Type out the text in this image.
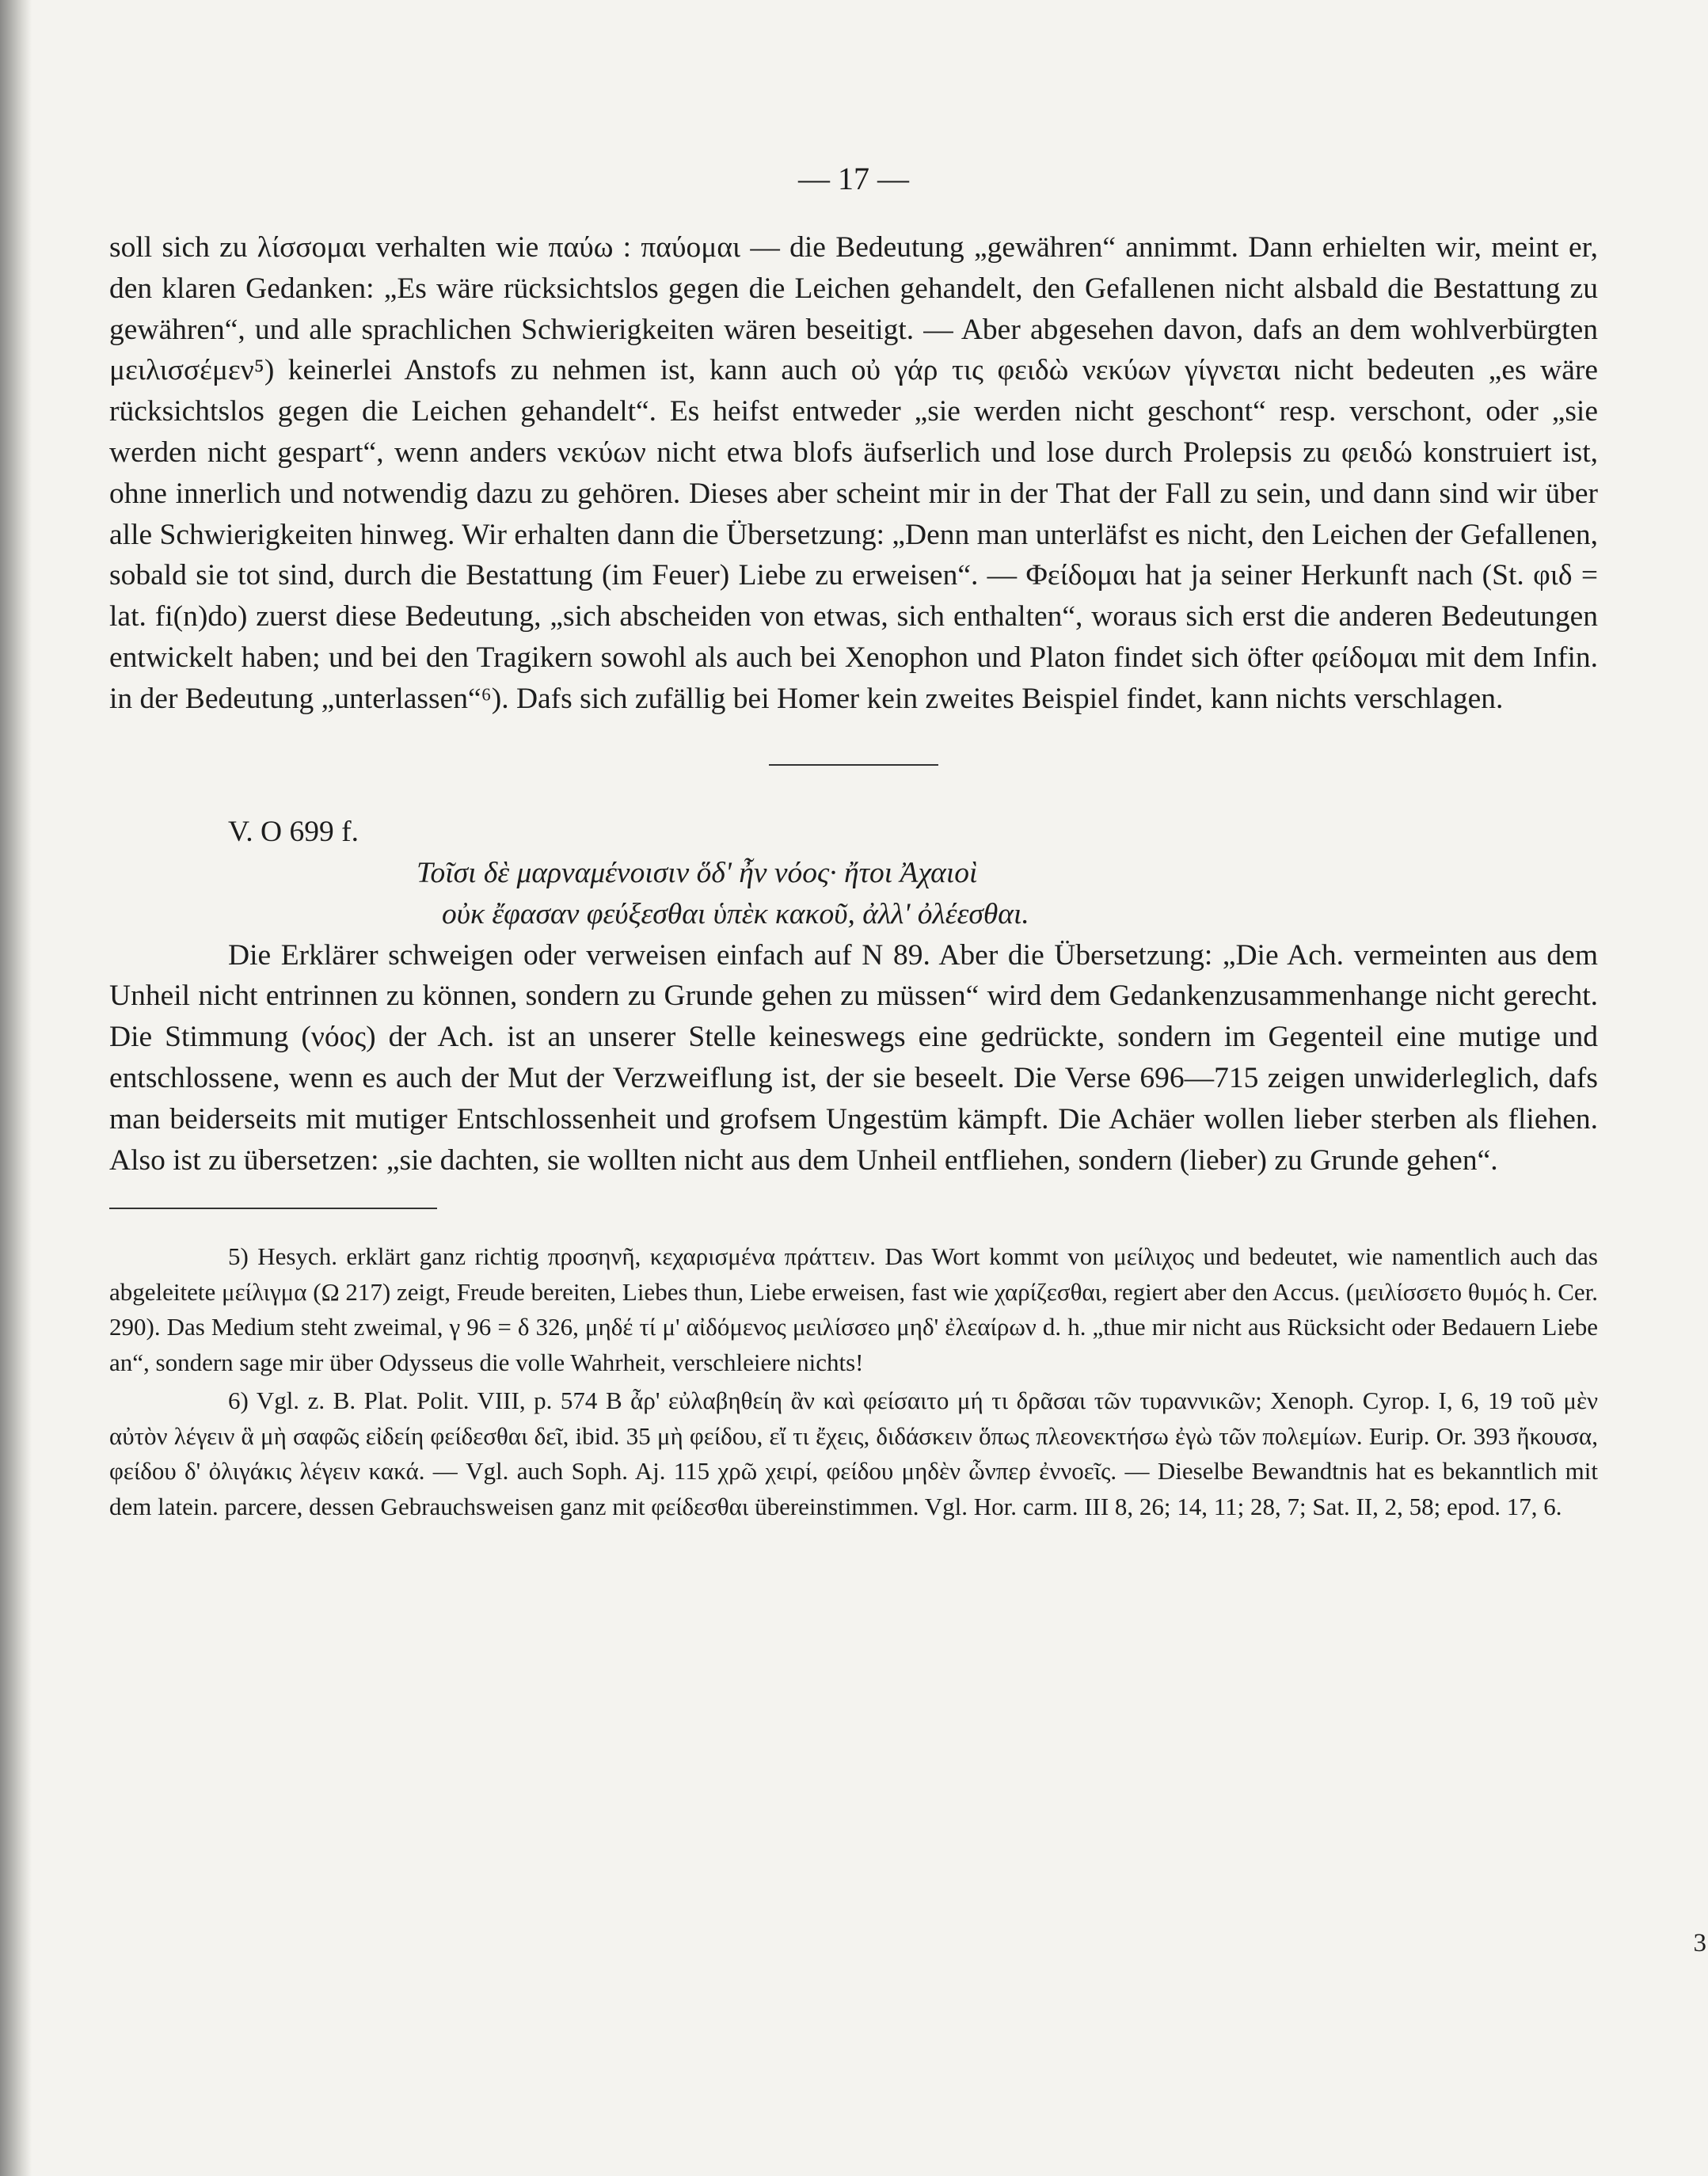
— 17 —

soll sich zu λίσσομαι verhalten wie παύω : παύομαι — die Bedeutung „gewähren“ annimmt. Dann erhielten wir, meint er, den klaren Gedanken: „Es wäre rücksichtslos gegen die Leichen gehandelt, den Gefallenen nicht alsbald die Bestattung zu gewähren“, und alle sprachlichen Schwierigkeiten wären beseitigt. — Aber abgesehen davon, dafs an dem wohlverbürgten μειλισσέμεν⁵) keinerlei Anstofs zu nehmen ist, kann auch οὐ γάρ τις φειδὼ νεκύων γίγνεται nicht bedeuten „es wäre rücksichtslos gegen die Leichen gehandelt“. Es heifst entweder „sie werden nicht geschont“ resp. verschont, oder „sie werden nicht gespart“, wenn anders νεκύων nicht etwa blofs äufserlich und lose durch Prolepsis zu φειδώ konstruiert ist, ohne innerlich und notwendig dazu zu gehören. Dieses aber scheint mir in der That der Fall zu sein, und dann sind wir über alle Schwierigkeiten hinweg. Wir erhalten dann die Übersetzung: „Denn man unterläfst es nicht, den Leichen der Gefallenen, sobald sie tot sind, durch die Bestattung (im Feuer) Liebe zu erweisen“. — Φείδομαι hat ja seiner Herkunft nach (St. φιδ = lat. fi(n)do) zuerst diese Bedeutung, „sich abscheiden von etwas, sich enthalten“, woraus sich erst die anderen Bedeutungen entwickelt haben; und bei den Tragikern sowohl als auch bei Xenophon und Platon findet sich öfter φείδομαι mit dem Infin. in der Bedeutung „unterlassen“⁶). Dafs sich zufällig bei Homer kein zweites Beispiel findet, kann nichts verschlagen.

V. O 699 f.
Τοῖσι δὲ μαρναμένοισιν ὅδ' ἦν νόος· ἤτοι Ἀχαιοὶ
οὐκ ἔφασαν φεύξεσθαι ὑπὲκ κακοῦ, ἀλλ' ὀλέεσθαι.

Die Erklärer schweigen oder verweisen einfach auf N 89. Aber die Übersetzung: „Die Ach. vermeinten aus dem Unheil nicht entrinnen zu können, sondern zu Grunde gehen zu müssen“ wird dem Gedankenzusammenhange nicht gerecht. Die Stimmung (νόος) der Ach. ist an unserer Stelle keineswegs eine gedrückte, sondern im Gegenteil eine mutige und entschlossene, wenn es auch der Mut der Verzweiflung ist, der sie beseelt. Die Verse 696—715 zeigen unwiderleglich, dafs man beiderseits mit mutiger Entschlossenheit und grofsem Ungestüm kämpft. Die Achäer wollen lieber sterben als fliehen. Also ist zu übersetzen: „sie dachten, sie wollten nicht aus dem Unheil entfliehen, sondern (lieber) zu Grunde gehen“.

5) Hesych. erklärt ganz richtig προσηνῆ, κεχαρισμένα πράττειν. Das Wort kommt von μείλιχος und bedeutet, wie namentlich auch das abgeleitete μείλιγμα (Ω 217) zeigt, Freude bereiten, Liebes thun, Liebe erweisen, fast wie χαρίζεσθαι, regiert aber den Accus. (μειλίσσετο θυμός h. Cer. 290). Das Medium steht zweimal, γ 96 = δ 326, μηδέ τί μ' αἰδόμενος μειλίσσεο μηδ' ἐλεαίρων d. h. „thue mir nicht aus Rücksicht oder Bedauern Liebe an“, sondern sage mir über Odysseus die volle Wahrheit, verschleiere nichts!

6) Vgl. z. B. Plat. Polit. VIII, p. 574 B ἆρ' εὐλαβηθείη ἂν καὶ φείσαιτο μή τι δρᾶσαι τῶν τυραννικῶν; Xenoph. Cyrop. I, 6, 19 τοῦ μὲν αὐτὸν λέγειν ἃ μὴ σαφῶς εἰδείη φείδεσθαι δεῖ, ibid. 35 μὴ φείδου, εἴ τι ἔχεις, διδάσκειν ὅπως πλεονεκτήσω ἐγὼ τῶν πολεμίων. Eurip. Or. 393 ἤκουσα, φείδου δ' ὀλιγάκις λέγειν κακά. — Vgl. auch Soph. Aj. 115 χρῶ χειρί, φείδου μηδὲν ὧνπερ ἐννοεῖς. — Dieselbe Bewandtnis hat es bekanntlich mit dem latein. parcere, dessen Gebrauchsweisen ganz mit φείδεσθαι übereinstimmen. Vgl. Hor. carm. III 8, 26; 14, 11; 28, 7; Sat. II, 2, 58; epod. 17, 6.

3
